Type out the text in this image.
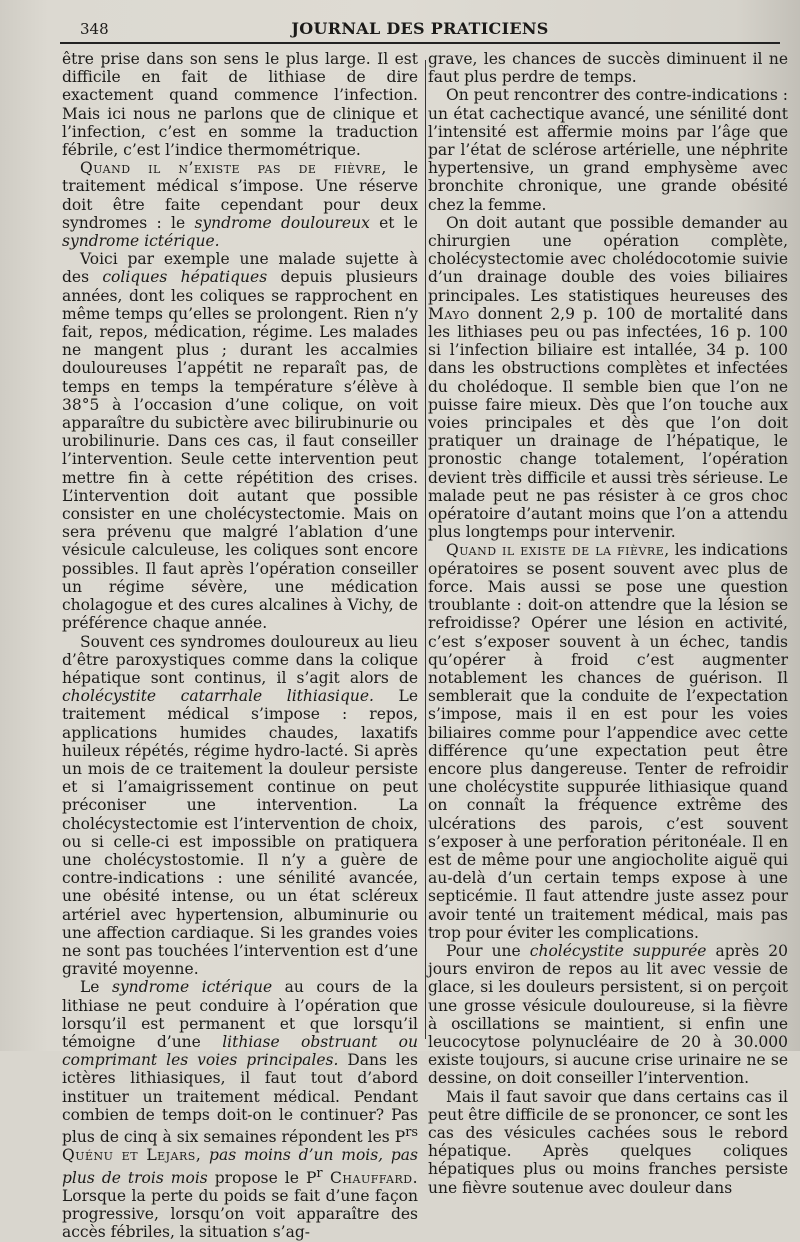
348	JOURNAL DES PRATICIENS

être prise dans son sens le plus large. Il est difficile en fait de lithiase de dire exactement quand commence l’infection. Mais ici nous ne parlons que de clinique et l’infection, c’est en somme la traduction fébrile, c’est l’indice thermométrique.

Quand il n’existe pas de fièvre, le traitement médical s’impose. Une réserve doit être faite cependant pour deux syndromes : le syndrome douloureux et le syndrome ictérique.

Voici par exemple une malade sujette à des coliques hépatiques depuis plusieurs années, dont les coliques se rapprochent en même temps qu’elles se prolongent. Rien n’y fait, repos, médication, régime. Les malades ne mangent plus ; durant les accalmies douloureuses l’appétit ne reparaît pas, de temps en temps la température s’élève à 38°5 à l’occasion d’une colique, on voit apparaître du subictère avec bilirubinurie ou urobilinurie. Dans ces cas, il faut conseiller l’intervention. Seule cette intervention peut mettre fin à cette répétition des crises. L’intervention doit autant que possible consister en une cholécystectomie. Mais on sera prévenu que malgré l’ablation d’une vésicule calculeuse, les coliques sont encore possibles. Il faut après l’opération conseiller un régime sévère, une médication cholagogue et des cures alcalines à Vichy, de préférence chaque année.

Souvent ces syndromes douloureux au lieu d’être paroxystiques comme dans la colique hépatique sont continus, il s’agit alors de cholécystite catarrhale lithiasique. Le traitement médical s’impose : repos, applications humides chaudes, laxatifs huileux répétés, régime hydro-lacté. Si après un mois de ce traitement la douleur persiste et si l’amaigrissement continue on peut préconiser une intervention. La cholécystectomie est l’intervention de choix, ou si celle-ci est impossible on pratiquera une cholécystostomie. Il n’y a guère de contre-indications : une sénilité avancée, une obésité intense, ou un état scléreux artériel avec hypertension, albuminurie ou une affection cardiaque. Si les grandes voies ne sont pas touchées l’intervention est d’une gravité moyenne.

Le syndrome ictérique au cours de la lithiase ne peut conduire à l’opération que lorsqu’il est permanent et que lorsqu’il témoigne d’une lithiase obstruant ou comprimant les voies principales. Dans les ictères lithiasiques, il faut tout d’abord instituer un traitement médical. Pendant combien de temps doit-on le continuer? Pas plus de cinq à six semaines répondent les $P^{rs}$ Quénu et Lejars, pas moins d’un mois, pas plus de trois mois propose le $P^r$ Chauffard. Lorsque la perte du poids se fait d’une façon progressive, lorsqu’on voit apparaître des accès fébriles, la situation s’ag-

grave, les chances de succès diminuent il ne faut plus perdre de temps.

On peut rencontrer des contre-indications : un état cachectique avancé, une sénilité dont l’intensité est affermie moins par l’âge que par l’état de sclérose artérielle, une néphrite hypertensive, un grand emphysème avec bronchite chronique, une grande obésité chez la femme.

On doit autant que possible demander au chirurgien une opération complète, cholécystectomie avec cholédocotomie suivie d’un drainage double des voies biliaires principales. Les statistiques heureuses des Mayo donnent 2,9 p. 100 de mortalité dans les lithiases peu ou pas infectées, 16 p. 100 si l’infection biliaire est intallée, 34 p. 100 dans les obstructions complètes et infectées du cholédoque. Il semble bien que l’on ne puisse faire mieux. Dès que l’on touche aux voies principales et dès que l’on doit pratiquer un drainage de l’hépatique, le pronostic change totalement, l’opération devient très difficile et aussi très sérieuse. Le malade peut ne pas résister à ce gros choc opératoire d’autant moins que l’on a attendu plus longtemps pour intervenir.

Quand il existe de la fièvre, les indications opératoires se posent souvent avec plus de force. Mais aussi se pose une question troublante : doit-on attendre que la lésion se refroidisse? Opérer une lésion en activité, c’est s’exposer souvent à un échec, tandis qu’opérer à froid c’est augmenter notablement les chances de guérison. Il semblerait que la conduite de l’expectation s’impose, mais il en est pour les voies biliaires comme pour l’appendice avec cette différence qu’une expectation peut être encore plus dangereuse. Tenter de refroidir une cholécystite suppurée lithiasique quand on connaît la fréquence extrême des ulcérations des parois, c’est souvent s’exposer à une perforation péritonéale. Il en est de même pour une angiocholite aiguë qui au-delà d’un certain temps expose à une septicémie. Il faut attendre juste assez pour avoir tenté un traitement médical, mais pas trop pour éviter les complications.

Pour une cholécystite suppurée après 20 jours environ de repos au lit avec vessie de glace, si les douleurs persistent, si on perçoit une grosse vésicule douloureuse, si la fièvre à oscillations se maintient, si enfin une leucocytose polynucléaire de 20 à 30.000 existe toujours, si aucune crise urinaire ne se dessine, on doit conseiller l’intervention.

Mais il faut savoir que dans certains cas il peut être difficile de se prononcer, ce sont les cas des vésicules cachées sous le rebord hépatique. Après quelques coliques hépatiques plus ou moins franches persiste une fièvre soutenue avec douleur dans
